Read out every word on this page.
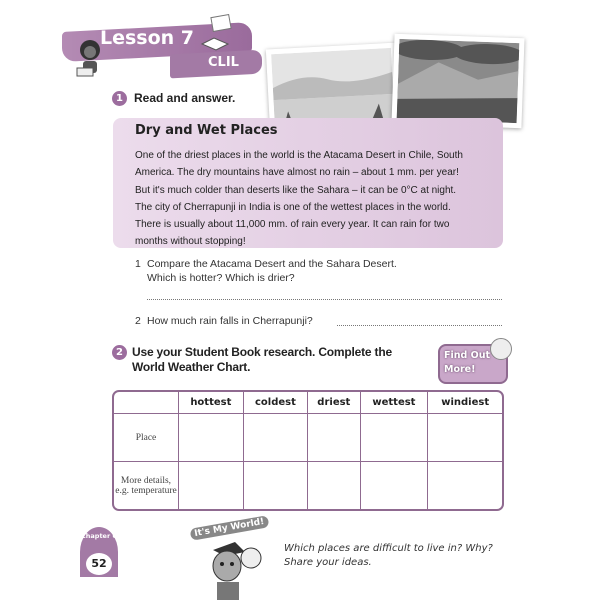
Lesson 7
CLIL
1 Read and answer.
Dry and Wet Places
One of the driest places in the world is the Atacama Desert in Chile, South
America. The dry mountains have almost no rain – about 1 mm. per year!
But it's much colder than deserts like the Sahara – it can be 0°C at night.
The city of Cherrapunji in India is one of the wettest places in the world.
There is usually about 11,000 mm. of rain every year. It can rain for two
months without stopping!
1 Compare the Atacama Desert and the Sahara Desert.
Which is hotter? Which is drier?
2 How much rain falls in Cherrapunji?
2 Use your Student Book research. Complete the
World Weather Chart.
Find Out
More!
	hottest	coldest	driest	wettest	windiest
Place					
More details, e.g. temperature					
It's My World!
Which places are difficult to live in? Why?
Share your ideas.
Chapter 6
52
